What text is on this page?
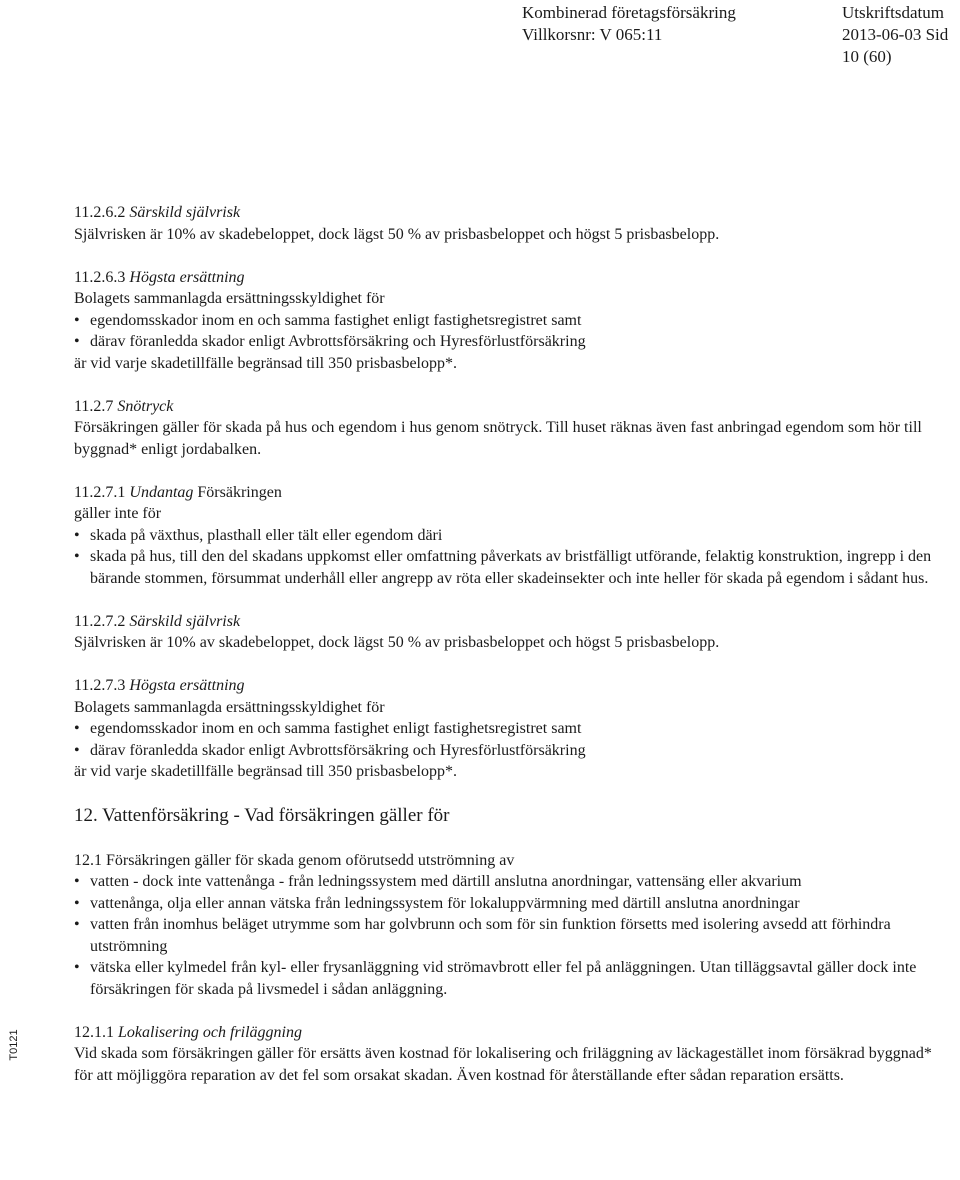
Kombinerad företagsförsäkring
Villkorsnr: V 065:11
Utskriftsdatum
2013-06-03 Sid
10 (60)
T0121
11.2.6.2 Särskild självrisk

Självrisken är 10% av skadebeloppet, dock lägst 50 % av prisbasbeloppet och högst 5 prisbasbelopp.

11.2.6.3 Högsta ersättning

Bolagets sammanlagda ersättningsskyldighet för

• egendomsskador inom en och samma fastighet enligt fastighetsregistret samt
• därav föranledda skador enligt Avbrottsförsäkring och Hyresförlustförsäkring

är vid varje skadetillfälle begränsad till 350 prisbasbelopp*.

11.2.7 Snötryck

Försäkringen gäller för skada på hus och egendom i hus genom snötryck. Till huset räknas även fast anbringad egendom som hör till byggnad* enligt jordabalken.

11.2.7.1 Undantag Försäkringen gäller inte för

• skada på växthus, plasthall eller tält eller egendom däri
• skada på hus, till den del skadans uppkomst eller omfattning påverkats av bristfälligt utförande, felaktig konstruktion, ingrepp i den bärande stommen, försummat underhåll eller angrepp av röta eller skadeinsekter och inte heller för skada på egendom i sådant hus.
11.2.7.2 Särskild självrisk

Självrisken är 10% av skadebeloppet, dock lägst 50 % av prisbasbeloppet och högst 5 prisbasbelopp.

11.2.7.3 Högsta ersättning

Bolagets sammanlagda ersättningsskyldighet för

• egendomsskador inom en och samma fastighet enligt fastighetsregistret samt
• därav föranledda skador enligt Avbrottsförsäkring och Hyresförlustförsäkring

är vid varje skadetillfälle begränsad till 350 prisbasbelopp*.

12. Vattenförsäkring - Vad försäkringen gäller för

12.1 Försäkringen gäller för skada genom oförutsedd utströmning av

• vatten - dock inte vattenånga - från ledningssystem med därtill anslutna anordningar, vattensäng eller akvarium
• vattenånga, olja eller annan vätska från ledningssystem för lokaluppvärmning med därtill anslutna anordningar
• vatten från inomhus beläget utrymme som har golvbrunn och som för sin funktion försetts med isolering avsedd att förhindra utströmning
• vätska eller kylmedel från kyl- eller frysanläggning vid strömavbrott eller fel på anläggningen. Utan tilläggsavtal gäller dock inte försäkringen för skada på livsmedel i sådan anläggning.
12.1.1 Lokalisering och friläggning

Vid skada som försäkringen gäller för ersätts även kostnad för lokalisering och friläggning av läckagestället inom försäkrad byggnad* för att möjliggöra reparation av det fel som orsakat skadan. Även kostnad för återställande efter sådan reparation ersätts.
